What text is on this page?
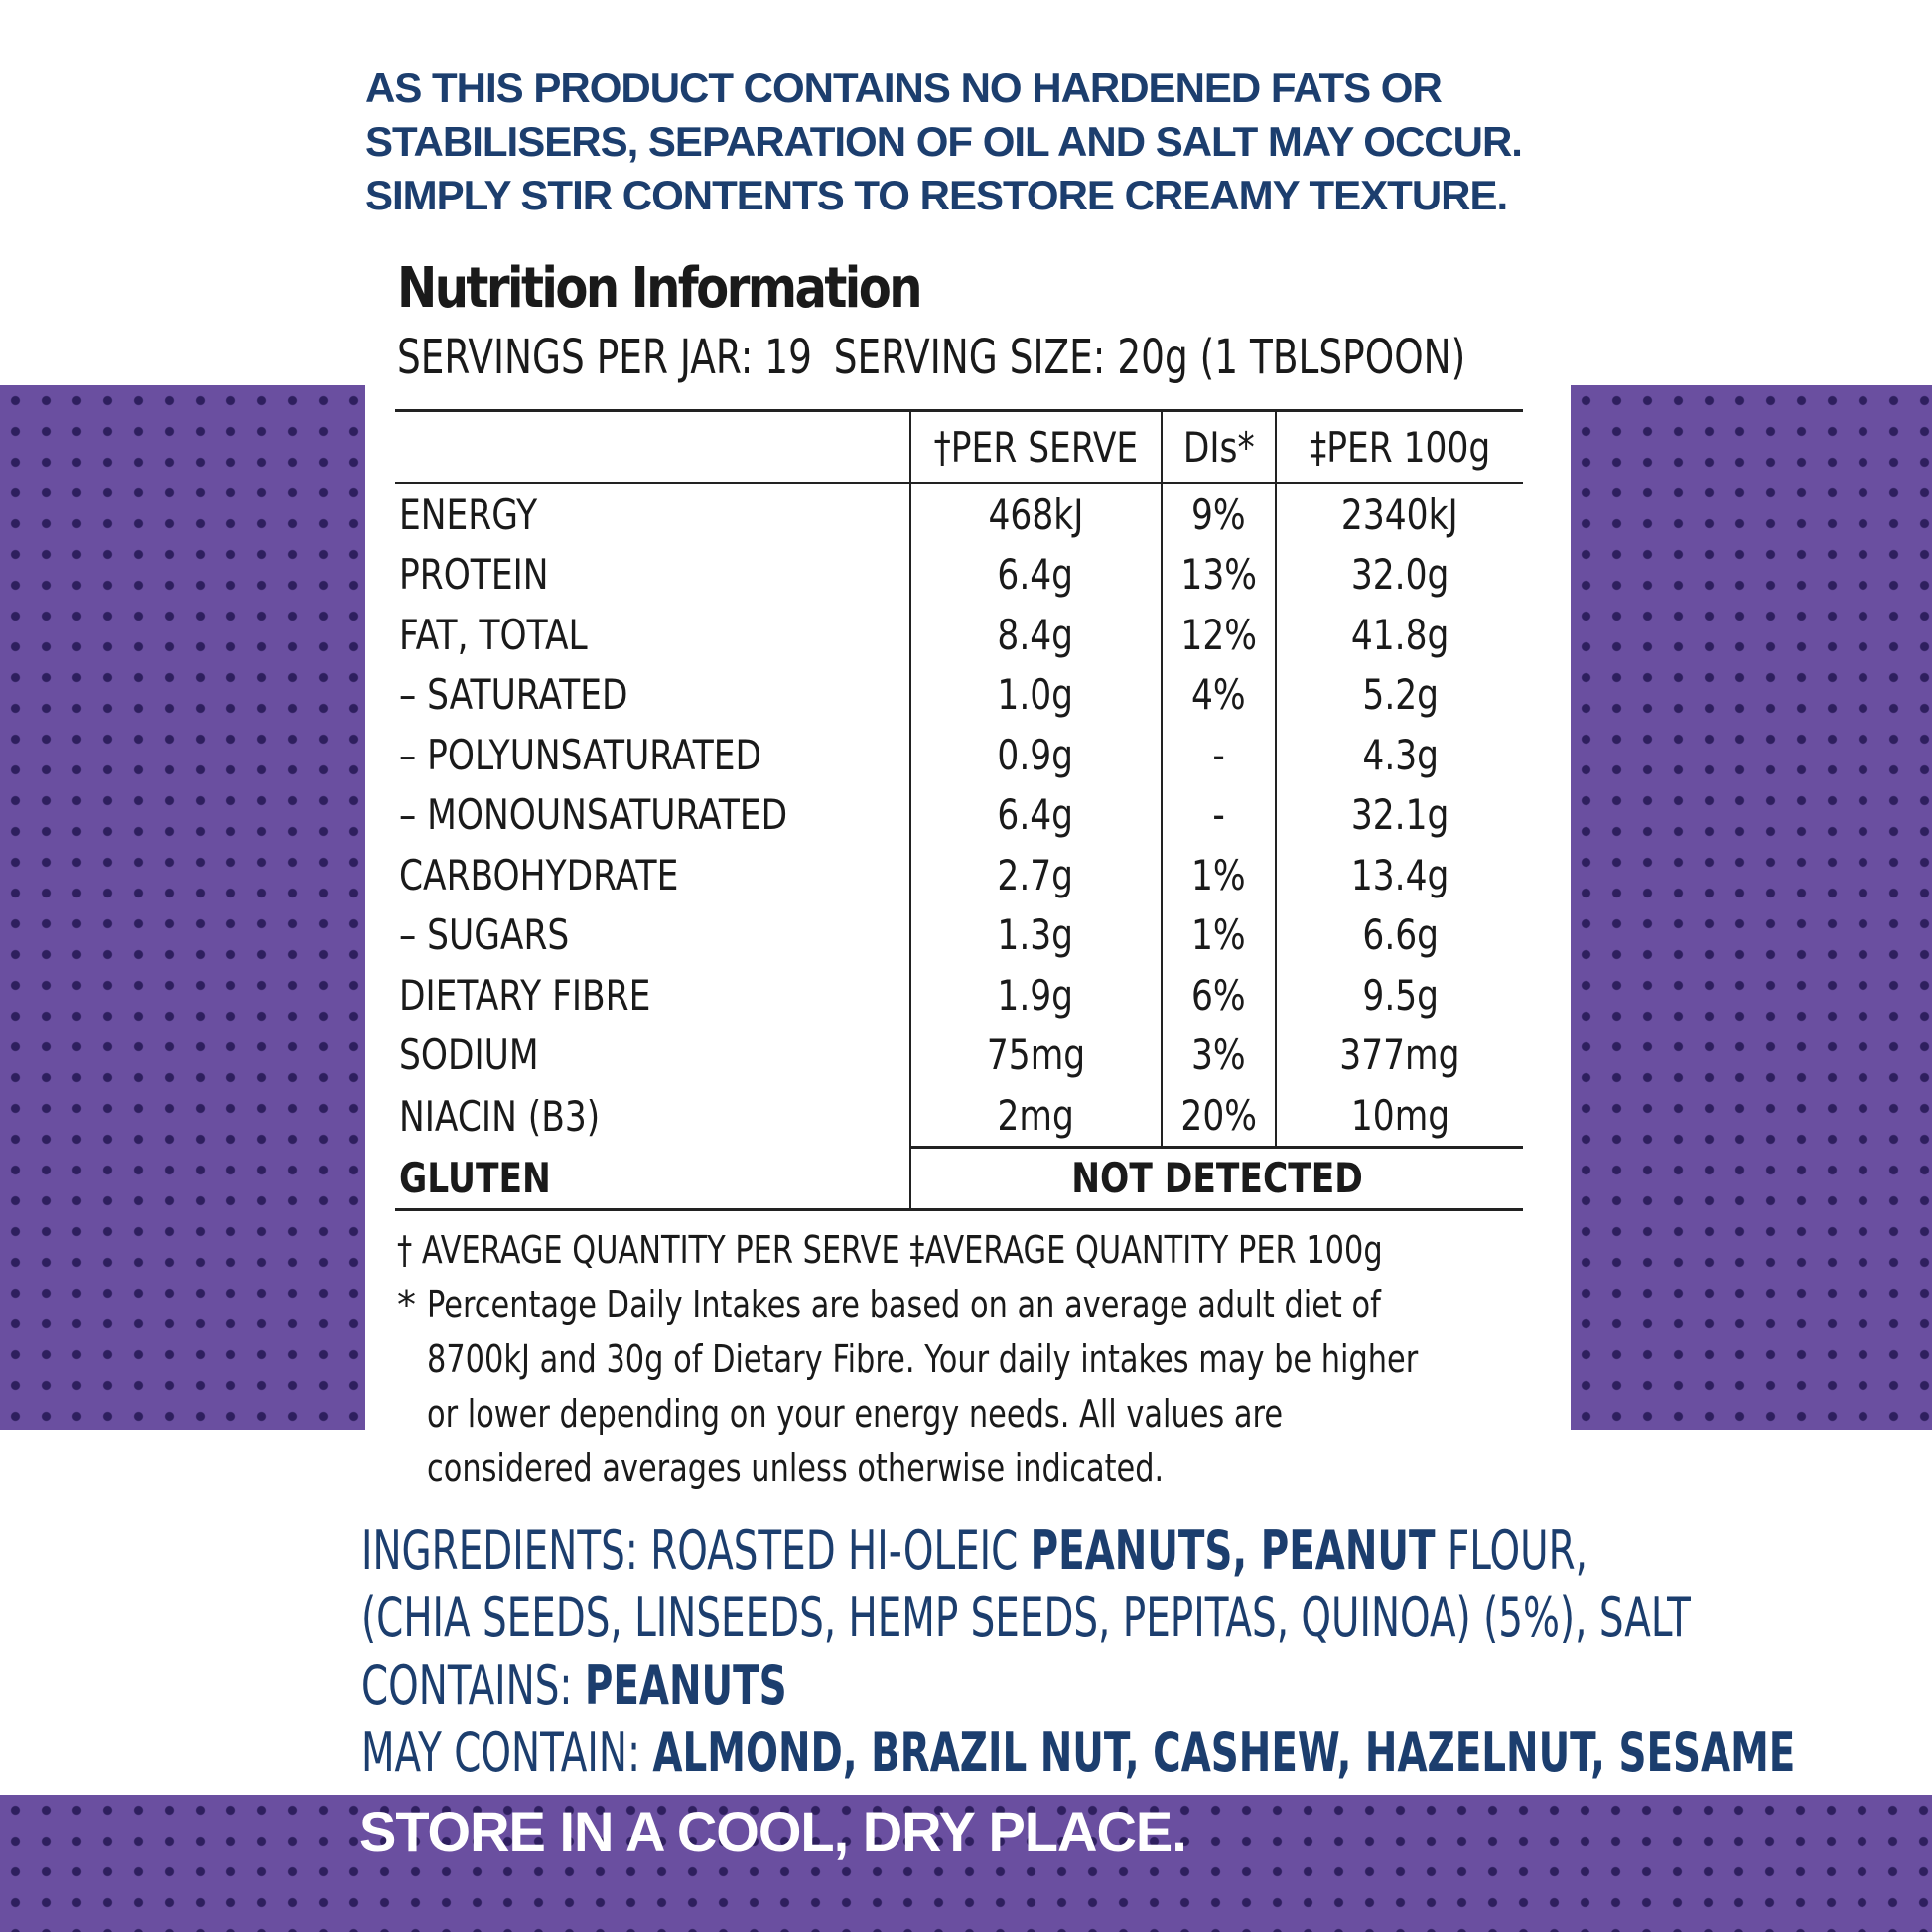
AS THIS PRODUCT CONTAINS NO HARDENED FATS OR
STABILISERS, SEPARATION OF OIL AND SALT MAY OCCUR.
SIMPLY STIR CONTENTS TO RESTORE CREAMY TEXTURE.
Nutrition Information
SERVINGS PER JAR: 19 SERVING SIZE: 20g (1 TBLSPOON)
	†PER SERVE	DIs*	‡PER 100g
ENERGY	468kJ	9%	2340kJ
PROTEIN	6.4g	13%	32.0g
FAT, TOTAL	8.4g	12%	41.8g
– SATURATED	1.0g	4%	5.2g
– POLYUNSATURATED	0.9g	-	4.3g
– MONOUNSATURATED	6.4g	-	32.1g
CARBOHYDRATE	2.7g	1%	13.4g
– SUGARS	1.3g	1%	6.6g
DIETARY FIBRE	1.9g	6%	9.5g
SODIUM	75mg	3%	377mg
NIACIN (B3)	2mg	20%	10mg
GLUTEN	NOT DETECTED		
† AVERAGE QUANTITY PER SERVE ‡AVERAGE QUANTITY PER 100g
* Percentage Daily Intakes are based on an average adult diet of 8700kJ and 30g of Dietary Fibre. Your daily intakes may be higher or lower depending on your energy needs. All values are considered averages unless otherwise indicated.
INGREDIENTS: ROASTED HI-OLEIC PEANUTS, PEANUT FLOUR,
(CHIA SEEDS, LINSEEDS, HEMP SEEDS, PEPITAS, QUINOA) (5%), SALT
CONTAINS: PEANUTS
MAY CONTAIN: ALMOND, BRAZIL NUT, CASHEW, HAZELNUT, SESAME
STORE IN A COOL, DRY PLACE.
